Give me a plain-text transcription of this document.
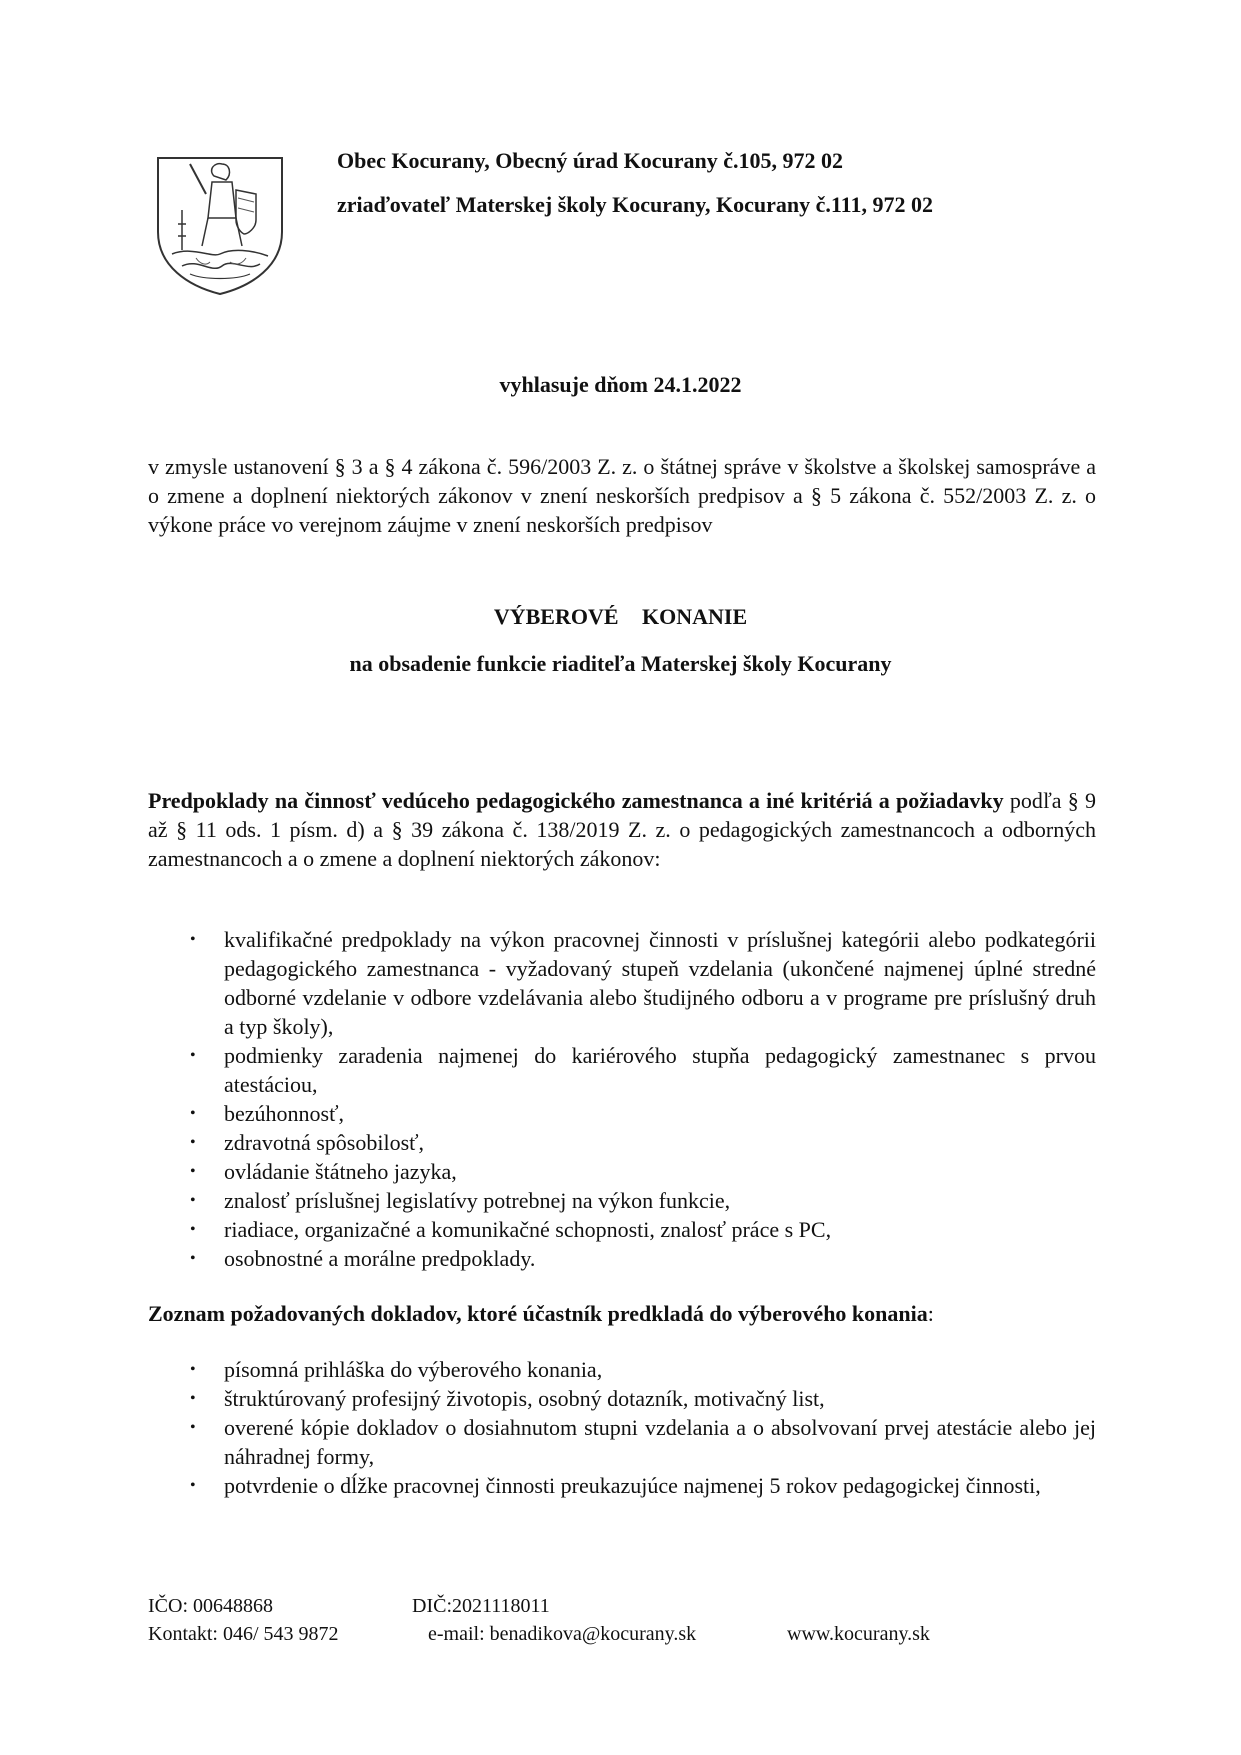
Obec Kocurany, Obecný úrad Kocurany č.105, 972 02
zriaďovateľ Materskej školy Kocurany, Kocurany č.111, 972 02
vyhlasuje dňom 24.1.2022
v zmysle ustanovení § 3 a § 4 zákona č. 596/2003 Z. z. o štátnej správe v školstve a školskej samospráve a o zmene a doplnení niektorých zákonov v znení neskorších predpisov a § 5 zákona č. 552/2003 Z. z. o výkone práce vo verejnom záujme v znení neskorších predpisov
VÝBEROVÉ KONANIE
na obsadenie funkcie riaditeľa Materskej školy Kocurany
Predpoklady na činnosť vedúceho pedagogického zamestnanca a iné kritériá a požiadavky podľa § 9 až § 11 ods. 1 písm. d) a § 39 zákona č. 138/2019 Z. z. o pedagogických zamestnancoch a odborných zamestnancoch a o zmene a doplnení niektorých zákonov:
• kvalifikačné predpoklady na výkon pracovnej činnosti v príslušnej kategórii alebo podkategórii pedagogického zamestnanca - vyžadovaný stupeň vzdelania (ukončené najmenej úplné stredné odborné vzdelanie v odbore vzdelávania alebo študijného odboru a v programe pre príslušný druh a typ školy),
• podmienky zaradenia najmenej do kariérového stupňa pedagogický zamestnanec s prvou atestáciou,
• bezúhonnosť,
• zdravotná spôsobilosť,
• ovládanie štátneho jazyka,
• znalosť príslušnej legislatívy potrebnej na výkon funkcie,
• riadiace, organizačné a komunikačné schopnosti, znalosť práce s PC,
• osobnostné a morálne predpoklady.
Zoznam požadovaných dokladov, ktoré účastník predkladá do výberového konania:
• písomná prihláška do výberového konania,
• štruktúrovaný profesijný životopis, osobný dotazník, motivačný list,
• overené kópie dokladov o dosiahnutom stupni vzdelania a o absolvovaní prvej atestácie alebo jej náhradnej formy,
• potvrdenie o dĺžke pracovnej činnosti preukazujúce najmenej 5 rokov pedagogickej činnosti,
IČO: 00648868	DIČ:2021118011
Kontakt: 046/ 543 9872	e-mail: benadikova@kocurany.sk	www.kocurany.sk
